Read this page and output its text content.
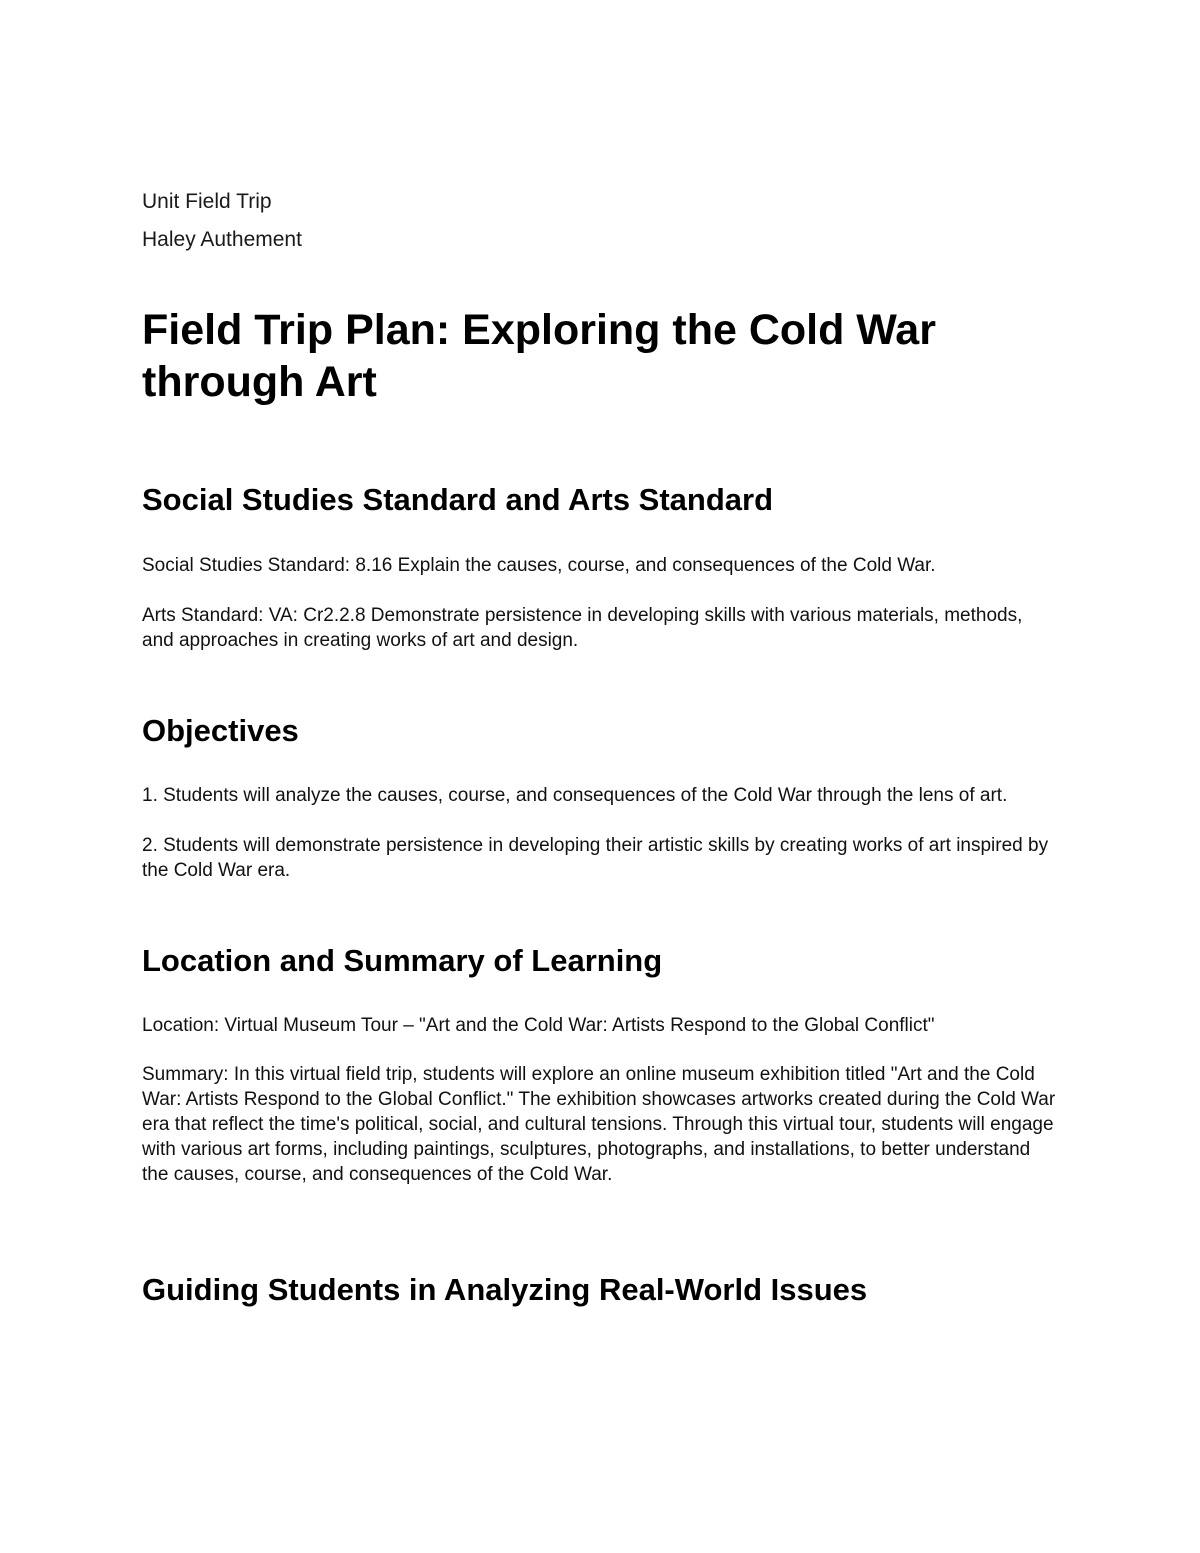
Unit Field Trip
Haley Authement
Field Trip Plan: Exploring the Cold War through Art
Social Studies Standard and Arts Standard

Social Studies Standard: 8.16 Explain the causes, course, and consequences of the Cold War.

Arts Standard: VA: Cr2.2.8 Demonstrate persistence in developing skills with various materials, methods, and approaches in creating works of art and design.

Objectives

1. Students will analyze the causes, course, and consequences of the Cold War through the lens of art.

2. Students will demonstrate persistence in developing their artistic skills by creating works of art inspired by the Cold War era.

Location and Summary of Learning

Location: Virtual Museum Tour – "Art and the Cold War: Artists Respond to the Global Conflict"

Summary: In this virtual field trip, students will explore an online museum exhibition titled "Art and the Cold War: Artists Respond to the Global Conflict." The exhibition showcases artworks created during the Cold War era that reflect the time's political, social, and cultural tensions. Through this virtual tour, students will engage with various art forms, including paintings, sculptures, photographs, and installations, to better understand the causes, course, and consequences of the Cold War.

Guiding Students in Analyzing Real-World Issues
